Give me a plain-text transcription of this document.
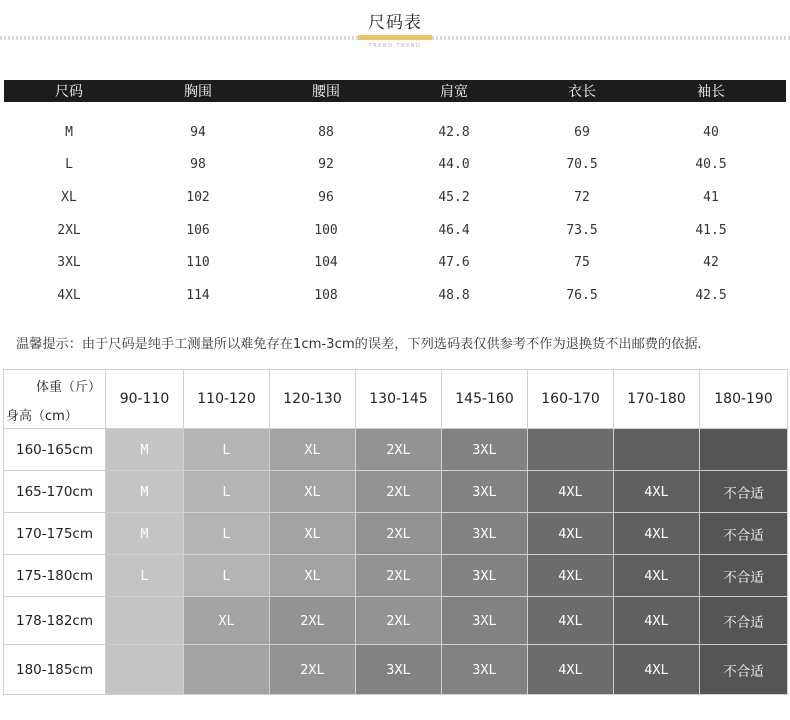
尺码表
TREND TREND
尺码	胸围	腰围	肩宽	衣长	袖长
M	94	88	42.8	69	40
L	98	92	44.0	70.5	40.5
XL	102	96	45.2	72	41
2XL	106	100	46.4	73.5	41.5
3XL	110	104	47.6	75	42
4XL	114	108	48.8	76.5	42.5
温馨提示：由于尺码是纯手工测量所以难免存在1cm-3cm的误差，下列选码表仅供参考不作为退换货不出邮费的依据.
体重（斤）
身高（cm）	90-110	110-120	120-130	130-145	145-160	160-170	170-180	180-190
160-165cm	M	L	XL	2XL	3XL			
165-170cm	M	L	XL	2XL	3XL	4XL	4XL	不合适
170-175cm	M	L	XL	2XL	3XL	4XL	4XL	不合适
175-180cm	L	L	XL	2XL	3XL	4XL	4XL	不合适
178-182cm		XL	2XL	2XL	3XL	4XL	4XL	不合适
180-185cm			2XL	3XL	3XL	4XL	4XL	不合适
